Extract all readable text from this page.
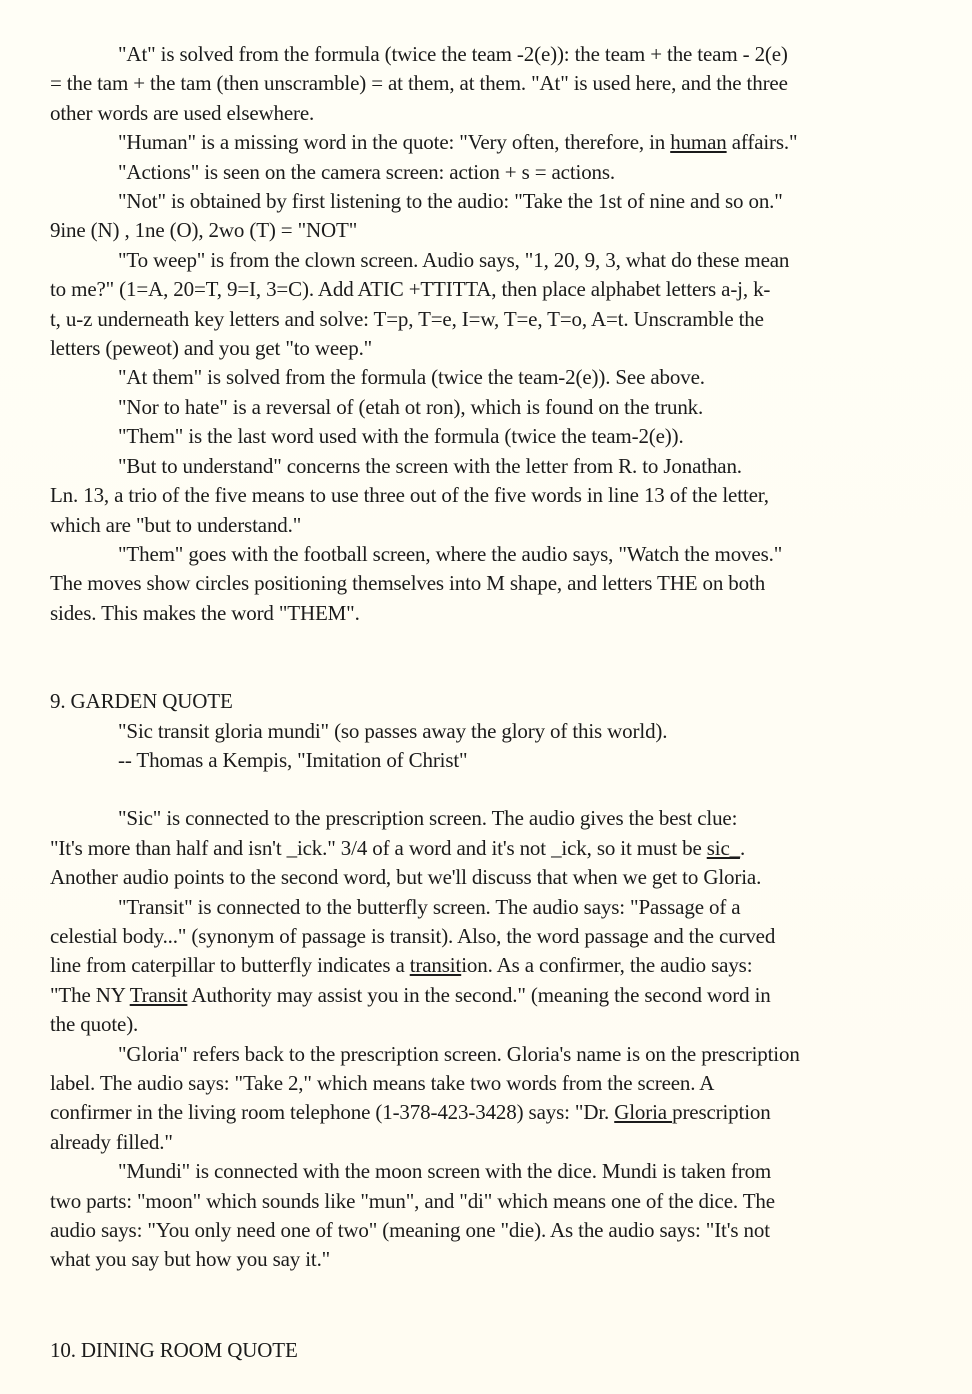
"At" is solved from the formula (twice the team -2(e)): the team + the team - 2(e)

= the tam + the tam (then unscramble) = at them, at them. "At" is used here, and the three

other words are used elsewhere.

"Human" is a missing word in the quote: "Very often, therefore, in human affairs."

"Actions" is seen on the camera screen: action + s = actions.

"Not" is obtained by first listening to the audio: "Take the 1st of nine and so on."

9ine (N) , 1ne (O), 2wo (T) = "NOT"

"To weep" is from the clown screen. Audio says, "1, 20, 9, 3, what do these mean

to me?" (1=A, 20=T, 9=I, 3=C). Add ATIC +TTITTA, then place alphabet letters a-j, k-

t, u-z underneath key letters and solve: T=p, T=e, I=w, T=e, T=o, A=t. Unscramble the

letters (peweot) and you get "to weep."

"At them" is solved from the formula (twice the team-2(e)). See above.

"Nor to hate" is a reversal of (etah ot ron), which is found on the trunk.

"Them" is the last word used with the formula (twice the team-2(e)).

"But to understand" concerns the screen with the letter from R. to Jonathan.

Ln. 13, a trio of the five means to use three out of the five words in line 13 of the letter,

which are "but to understand."

"Them" goes with the football screen, where the audio says, "Watch the moves."

The moves show circles positioning themselves into M shape, and letters THE on both

sides. This makes the word "THEM".

9. GARDEN QUOTE

"Sic transit gloria mundi" (so passes away the glory of this world).

-- Thomas a Kempis, "Imitation of Christ"

"Sic" is connected to the prescription screen. The audio gives the best clue:

"It's more than half and isn't _ick." 3/4 of a word and it's not _ick, so it must be sic_.

Another audio points to the second word, but we'll discuss that when we get to Gloria.

"Transit" is connected to the butterfly screen. The audio says: "Passage of a

celestial body..." (synonym of passage is transit). Also, the word passage and the curved

line from caterpillar to butterfly indicates a transition. As a confirmer, the audio says:

"The NY Transit Authority may assist you in the second." (meaning the second word in

the quote).

"Gloria" refers back to the prescription screen. Gloria's name is on the prescription

label. The audio says: "Take 2," which means take two words from the screen. A

confirmer in the living room telephone (1-378-423-3428) says: "Dr. Gloria prescription

already filled."

"Mundi" is connected with the moon screen with the dice. Mundi is taken from

two parts: "moon" which sounds like "mun", and "di" which means one of the dice. The

audio says: "You only need one of two" (meaning one "die). As the audio says: "It's not

what you say but how you say it."

10. DINING ROOM QUOTE
